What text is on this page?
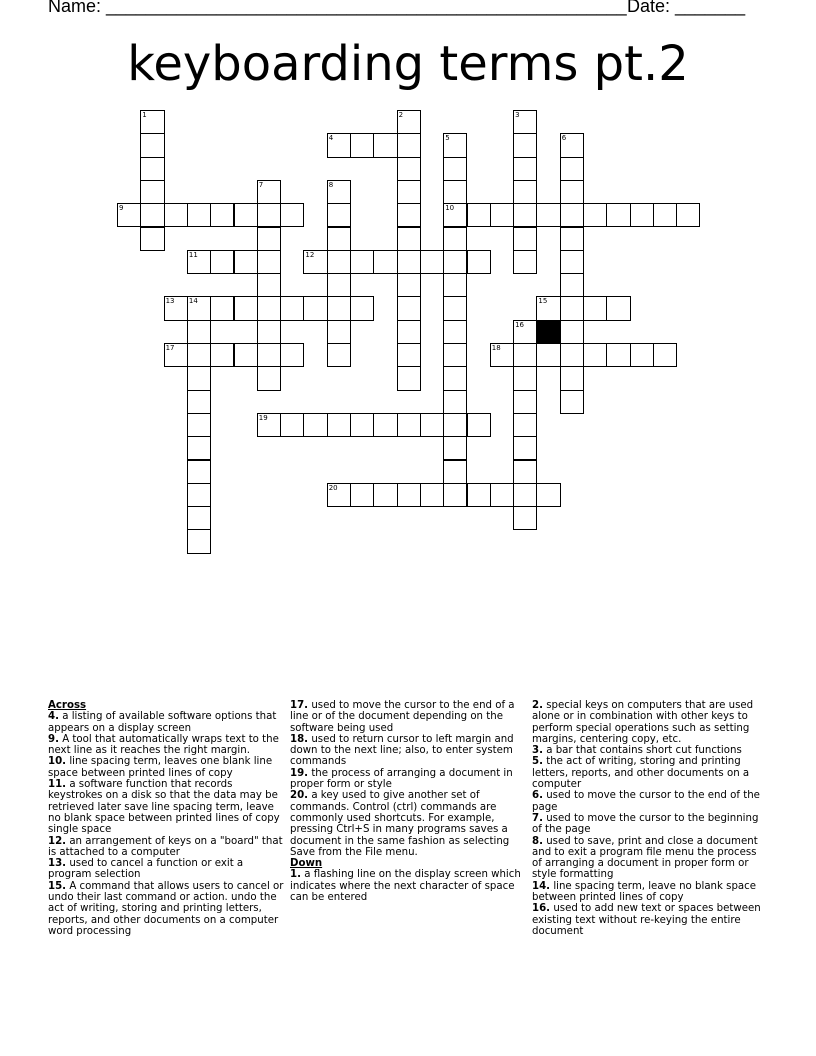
Name: ____________________________________________________ Date: _______
keyboarding terms pt.2
1	2	3
4	5
10
6
7	8
9
11	12
13 14	15
16
17	18
19
20

Across

4. a listing of available software options that appears on a display screen

9. A tool that automatically wraps text to the next line as it reaches the right margin.

10. line spacing term, leaves one blank line space between printed lines of copy

11. a software function that records keystrokes on a disk so that the data may be retrieved later save line spacing term, leave no blank space between printed lines of copy single space

12. an arrangement of keys on a "board" that is attached to a computer

13. used to cancel a function or exit a program selection

15. A command that allows users to cancel or undo their last command or action. undo the act of writing, storing and printing letters, reports, and other documents on a computer word processing

17. used to move the cursor to the end of a line or of the document depending on the software being used

18. used to return cursor to left margin and down to the next line; also, to enter system commands

19. the process of arranging a document in proper form or style

20. a key used to give another set of commands. Control (ctrl) commands are commonly used shortcuts. For example, pressing Ctrl+S in many programs saves a document in the same fashion as selecting Save from the File menu.

Down

1. a flashing line on the display screen which indicates where the next character of space can be entered

2. special keys on computers that are used alone or in combination with other keys to perform special operations such as setting margins, centering copy, etc.

3. a bar that contains short cut functions

5. the act of writing, storing and printing letters, reports, and other documents on a computer

6. used to move the cursor to the end of the page

7. used to move the cursor to the beginning of the page

8. used to save, print and close a document and to exit a program file menu the process of arranging a document in proper form or style formatting

14. line spacing term, leave no blank space between printed lines of copy

16. used to add new text or spaces between existing text without re-keying the entire document
